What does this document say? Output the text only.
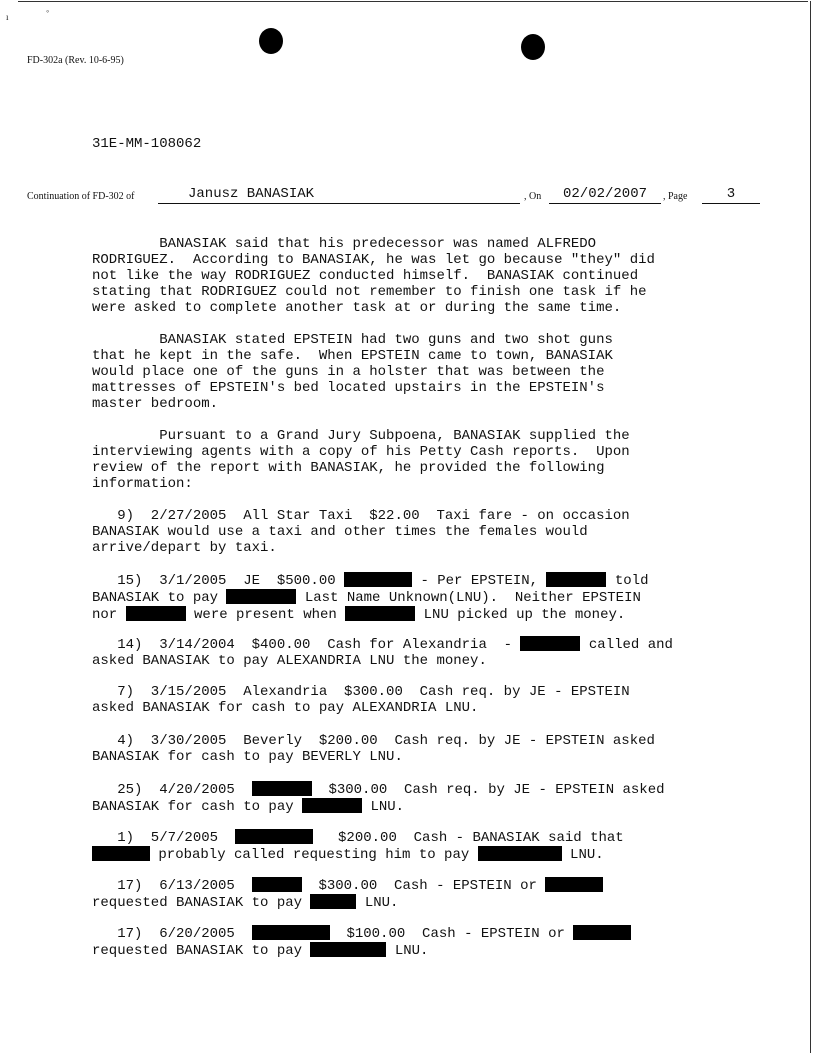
ı
◦
FD-302a (Rev. 10-6-95)
31E-MM-108062
Continuation of FD-302 of	Janusz BANASIAK	, On	02/02/2007	, Page	3
BANASIAK said that his predecessor was named ALFREDO
RODRIGUEZ.  According to BANASIAK, he was let go because "they" did
not like the way RODRIGUEZ conducted himself.  BANASIAK continued
stating that RODRIGUEZ could not remember to finish one task if he
were asked to complete another task at or during the same time.
BANASIAK stated EPSTEIN had two guns and two shot guns
that he kept in the safe.  When EPSTEIN came to town, BANASIAK
would place one of the guns in a holster that was between the
mattresses of EPSTEIN's bed located upstairs in the EPSTEIN's
master bedroom.
Pursuant to a Grand Jury Subpoena, BANASIAK supplied the
interviewing agents with a copy of his Petty Cash reports.  Upon
review of the report with BANASIAK, he provided the following
information:
9)  2/27/2005  All Star Taxi  $22.00  Taxi fare - on occasion
BANASIAK would use a taxi and other times the females would
arrive/depart by taxi.
15)  3/1/2005  JE  $500.00	- Per EPSTEIN,	told
BANASIAK to pay	Last Name Unknown(LNU).  Neither EPSTEIN
nor	were present when	LNU picked up the money.
14)  3/14/2004  $400.00  Cash for Alexandria  -	called and
asked BANASIAK to pay ALEXANDRIA LNU the money.
7)  3/15/2005  Alexandria  $300.00  Cash req. by JE - EPSTEIN
asked BANASIAK for cash to pay ALEXANDRIA LNU.
4)  3/30/2005  Beverly  $200.00  Cash req. by JE - EPSTEIN asked
BANASIAK for cash to pay BEVERLY LNU.
25)  4/20/2005	$300.00  Cash req. by JE - EPSTEIN asked
BANASIAK for cash to pay	LNU.
1)  5/7/2005	$200.00  Cash - BANASIAK said that
probably called requesting him to pay	LNU.
17)  6/13/2005	$300.00  Cash - EPSTEIN or
requested BANASIAK to pay	LNU.
17)  6/20/2005	$100.00  Cash - EPSTEIN or
requested BANASIAK to pay	LNU.
